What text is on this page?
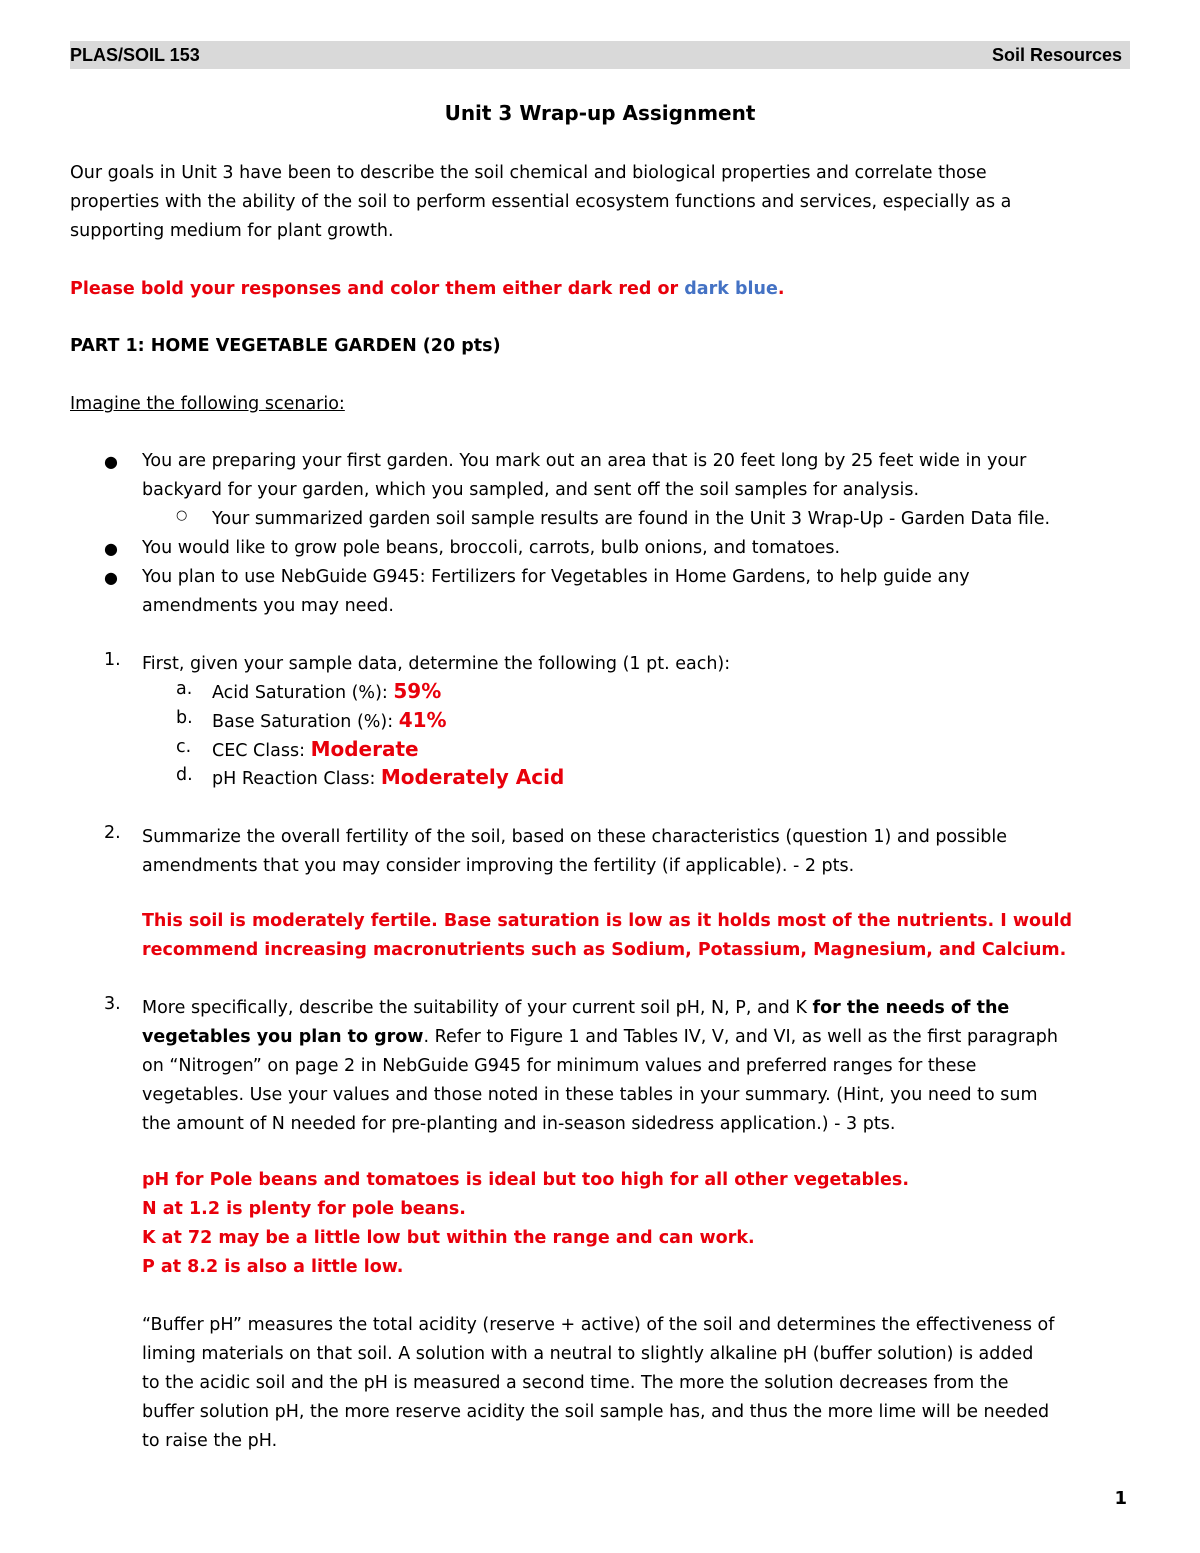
PLAS/SOIL 153	Soil Resources
Unit 3 Wrap-up Assignment

Our goals in Unit 3 have been to describe the soil chemical and biological properties and correlate those

properties with the ability of the soil to perform essential ecosystem functions and services, especially as a

supporting medium for plant growth.

Please bold your responses and color them either dark red or dark blue.

PART 1: HOME VEGETABLE GARDEN (20 pts)

Imagine the following scenario:

● You are preparing your first garden. You mark out an area that is 20 feet long by 25 feet wide in your

backyard for your garden, which you sampled, and sent off the soil samples for analysis.

○ Your summarized garden soil sample results are found in the Unit 3 Wrap-Up - Garden Data file.

● You would like to grow pole beans, broccoli, carrots, bulb onions, and tomatoes.

● You plan to use NebGuide G945: Fertilizers for Vegetables in Home Gardens, to help guide any

amendments you may need.

1. First, given your sample data, determine the following (1 pt. each):

a. Acid Saturation (%): 59%

b. Base Saturation (%): 41%

c. CEC Class: Moderate

d. pH Reaction Class: Moderately Acid

2. Summarize the overall fertility of the soil, based on these characteristics (question 1) and possible

amendments that you may consider improving the fertility (if applicable). - 2 pts.

This soil is moderately fertile. Base saturation is low as it holds most of the nutrients. I would

recommend increasing macronutrients such as Sodium, Potassium, Magnesium, and Calcium.

3. More specifically, describe the suitability of your current soil pH, N, P, and K for the needs of the

vegetables you plan to grow. Refer to Figure 1 and Tables IV, V, and VI, as well as the first paragraph

on “Nitrogen” on page 2 in NebGuide G945 for minimum values and preferred ranges for these

vegetables. Use your values and those noted in these tables in your summary. (Hint, you need to sum

the amount of N needed for pre-planting and in-season sidedress application.) - 3 pts.

pH for Pole beans and tomatoes is ideal but too high for all other vegetables.

N at 1.2 is plenty for pole beans.

K at 72 may be a little low but within the range and can work.

P at 8.2 is also a little low.

“Buffer pH” measures the total acidity (reserve + active) of the soil and determines the effectiveness of

liming materials on that soil. A solution with a neutral to slightly alkaline pH (buffer solution) is added

to the acidic soil and the pH is measured a second time. The more the solution decreases from the

buffer solution pH, the more reserve acidity the soil sample has, and thus the more lime will be needed

to raise the pH.

1
